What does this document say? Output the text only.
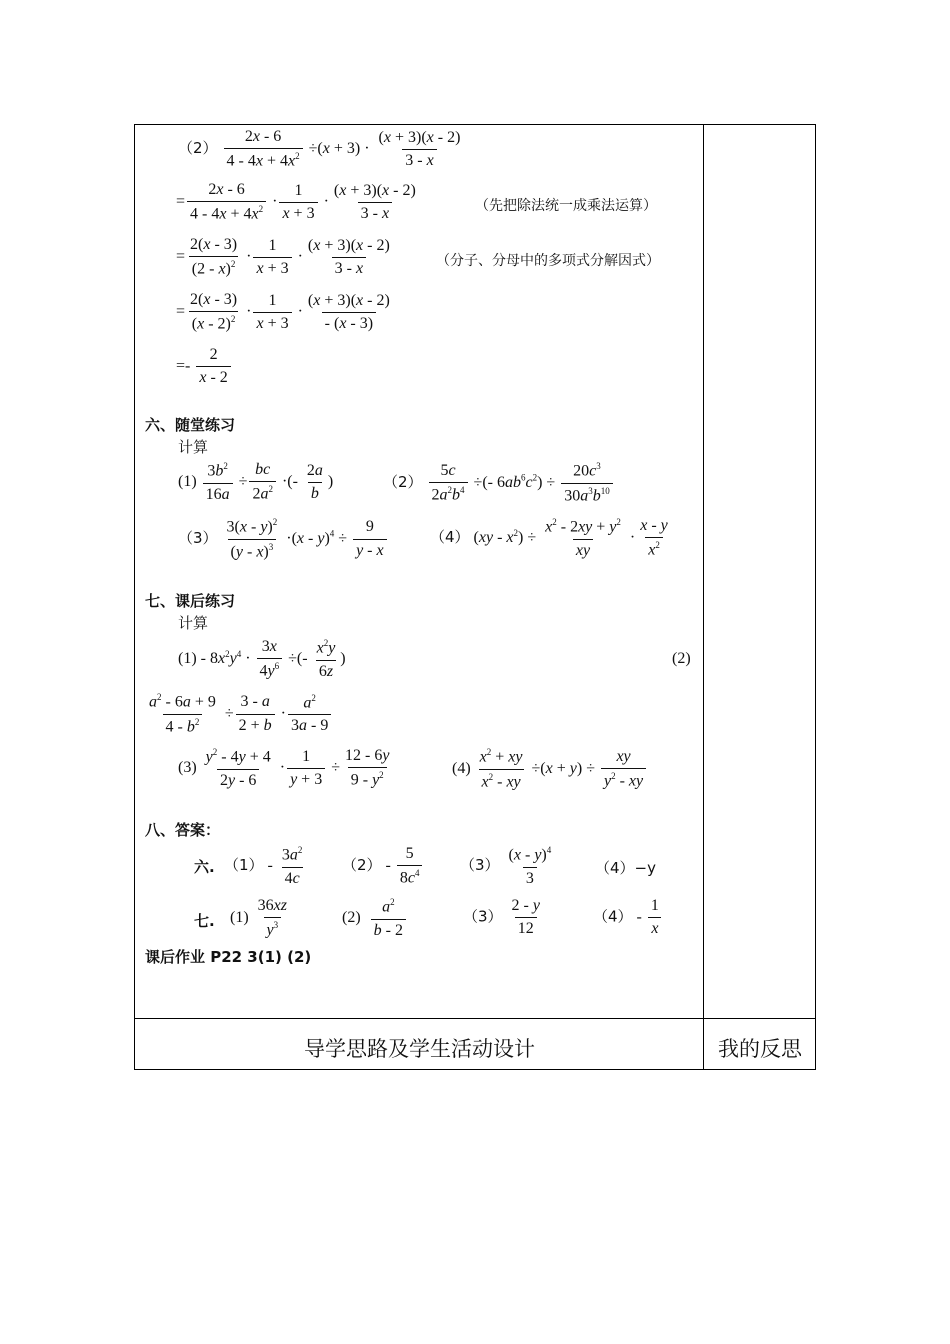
$(2) \frac{2x - 6}{4 - 4x + 4x^2} \div(x + 3) \cdot \frac{(x + 3)(x - 2)}{3 - x}$
= $\frac{2x - 6}{4 - 4x + 4x^2} \cdot \frac{1}{x + 3} \cdot \frac{(x + 3)(x - 2)}{3 - x}$	（先把除法统一成乘法运算）
= $\frac{2(x - 3)}{(2 - x)^2} \cdot \frac{1}{x + 3} \cdot \frac{(x + 3)(x - 2)}{3 - x}$	（分子、分母中的多项式分解因式）
= $\frac{2(x - 3)}{(x - 2)^2} \cdot \frac{1}{x + 3} \cdot \frac{(x + 3)(x - 2)}{- (x - 3)}$
=- $\frac{2}{x - 2}$
六、随堂练习
计算
$(1) \frac{3b^2}{16a} \div \frac{bc}{2a^2}$ ·(- $\frac{2a}{b}$ )	$(2) \frac{5c}{2a^2b^4}$ ÷(- $6ab^6c^2) \div \frac{20c^3}{30a^3b^{10}}$
$(3) \frac{3(x - y)^2}{(y - x)^3} \cdot(x - y)^4 \div \frac{9}{y - x}$	（4） $(xy - x^2) \div \frac{x^2 - 2xy + y^2}{xy} \cdot \frac{x - y}{x^2}$
七、课后练习
计算
$(1) - 8x^2y^4 \cdot \frac{3x}{4y^6}$ ÷(- $\frac{x^2y}{6z}$ )	(2)
$\frac{a^2 - 6a + 9}{4 - b^2} \div \frac{3 - a}{2 + b} \cdot \frac{a^2}{3a - 9}$
$(3) \frac{y^2 - 4y + 4}{2y - 6} \cdot \frac{1}{y + 3} \div \frac{12 - 6y}{9 - y^2}$	$(4) \frac{x^2 + xy}{x^2 - xy} \div(x + y) \div \frac{xy}{y^2 - xy}$
八、答案：
六. $(1) - \frac{3a^2}{4c} (2) - \frac{5}{8c^4}$	$(3) \frac{(x - y)^4}{3}$	（4）−y
七. $(1) \frac{36xz}{y^3}$	$(2) \frac{a^2}{b - 2}$	$(3) \frac{2 - y}{12}$	$(4) - \frac{1}{x}$
课后作业 P22 3(1) (2)
导学思路及学生活动设计	我的反思
